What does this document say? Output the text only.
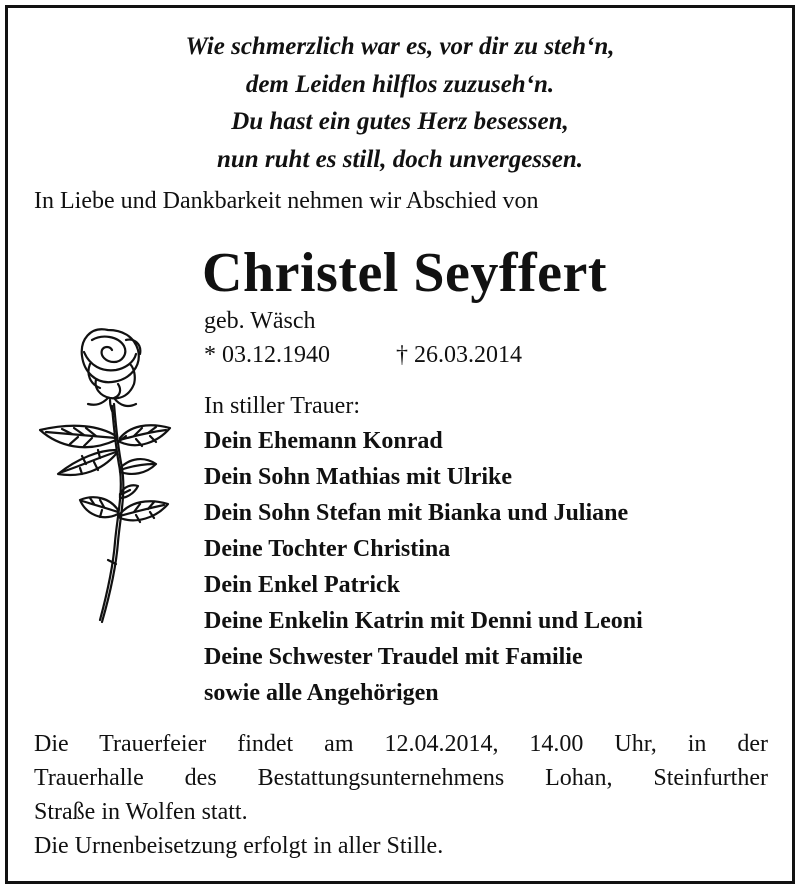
Wie schmerzlich war es, vor dir zu steh‘n,
dem Leiden hilflos zuzuseh‘n.
Du hast ein gutes Herz besessen,
nun ruht es still, doch unvergessen.
In Liebe und Dankbarkeit nehmen wir Abschied von
Christel Seyffert
geb. Wäsch
* 03.12.1940	† 26.03.2014
In stiller Trauer:
Dein Ehemann Konrad
Dein Sohn Mathias mit Ulrike
Dein Sohn Stefan mit Bianka und Juliane
Deine Tochter Christina
Dein Enkel Patrick
Deine Enkelin Katrin mit Denni und Leoni
Deine Schwester Traudel mit Familie
sowie alle Angehörigen

Die Trauerfeier findet am 12.04.2014, 14.00 Uhr, in der

Trauerhalle des Bestattungsunternehmens Lohan, Steinfurther

Straße in Wolfen statt.

Die Urnenbeisetzung erfolgt in aller Stille.
